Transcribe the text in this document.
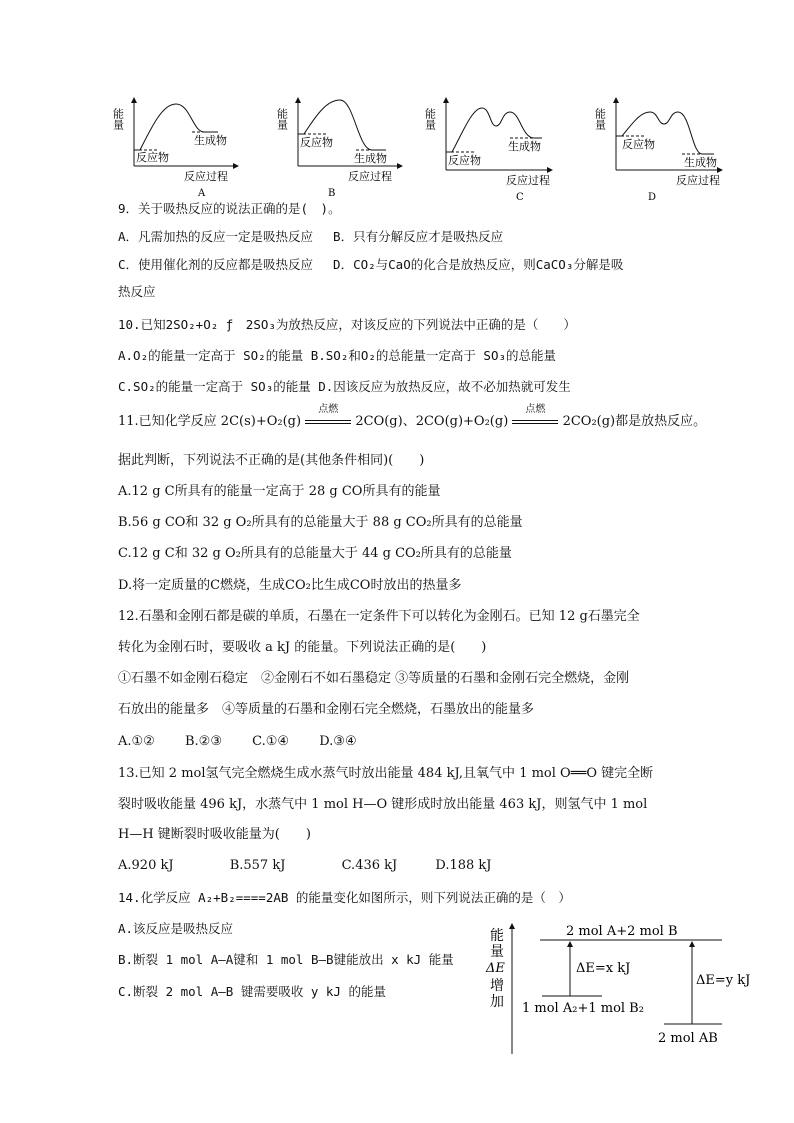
能量
反应物
生成物
反应过程
A
能量
反应物
生成物
反应过程
B
能量
反应物
生成物
反应过程
C
能量
反应物
生成物
反应过程
D
9．关于吸热反应的说法正确的是(　)。
A．凡需加热的反应一定是吸热反应　 B．只有分解反应才是吸热反应
C．使用催化剂的反应都是吸热反应　 D．CO₂与CaO的化合是放热反应，则CaCO₃分解是吸
热反应
10.已知2SO₂+O₂ ƒ　2SO₃为放热反应，对该反应的下列说法中正确的是（　　）
A.O₂的能量一定高于 SO₂的能量 B.SO₂和O₂的总能量一定高于 SO₃的总能量
C.SO₂的能量一定高于 SO₃的能量 D.因该反应为放热反应，故不必加热就可发生
11.已知化学反应 2C(s)+O₂(g)
点燃
2CO(g)、2CO(g)+O₂(g)
点燃
2CO₂(g)都是放热反应。
据此判断，下列说法不正确的是(其他条件相同)(　　)
A.12 g C所具有的能量一定高于 28 g CO所具有的能量
B.56 g CO和 32 g O₂所具有的总能量大于 88 g CO₂所具有的总能量
C.12 g C和 32 g O₂所具有的总能量大于 44 g CO₂所具有的总能量
D.将一定质量的C燃烧，生成CO₂比生成CO时放出的热量多
12.石墨和金刚石都是碳的单质，石墨在一定条件下可以转化为金刚石。已知 12 g石墨完全
转化为金刚石时，要吸收 a kJ 的能量。下列说法正确的是(　　)
①石墨不如金刚石稳定　②金刚石不如石墨稳定 ③等质量的石墨和金刚石完全燃烧，金刚
石放出的能量多　④等质量的石墨和金刚石完全燃烧，石墨放出的能量多
A.①② B.②③ C.①④ D.③④
13.已知 2 mol氢气完全燃烧生成水蒸气时放出能量 484 kJ,且氧气中 1 mol O══O 键完全断
裂时吸收能量 496 kJ，水蒸气中 1 mol H—O 键形成时放出能量 463 kJ，则氢气中 1 mol
H—H 键断裂时吸收能量为(　　)
A.920 kJ	B.557 kJ	C.436 kJ	D.188 kJ
14.化学反应 A₂+B₂====2AB 的能量变化如图所示，则下列说法正确的是（　）
A.该反应是吸热反应
B.断裂 1 mol A—A键和 1 mol B—B键能放出 x kJ 能量
C.断裂 2 mol A—B 键需要吸收 y kJ 的能量
能
量
ΔE
增
加
2 mol A+2 mol B
1 mol A₂+1 mol B₂
2 mol AB
ΔE=x kJ
ΔE=y kJ
